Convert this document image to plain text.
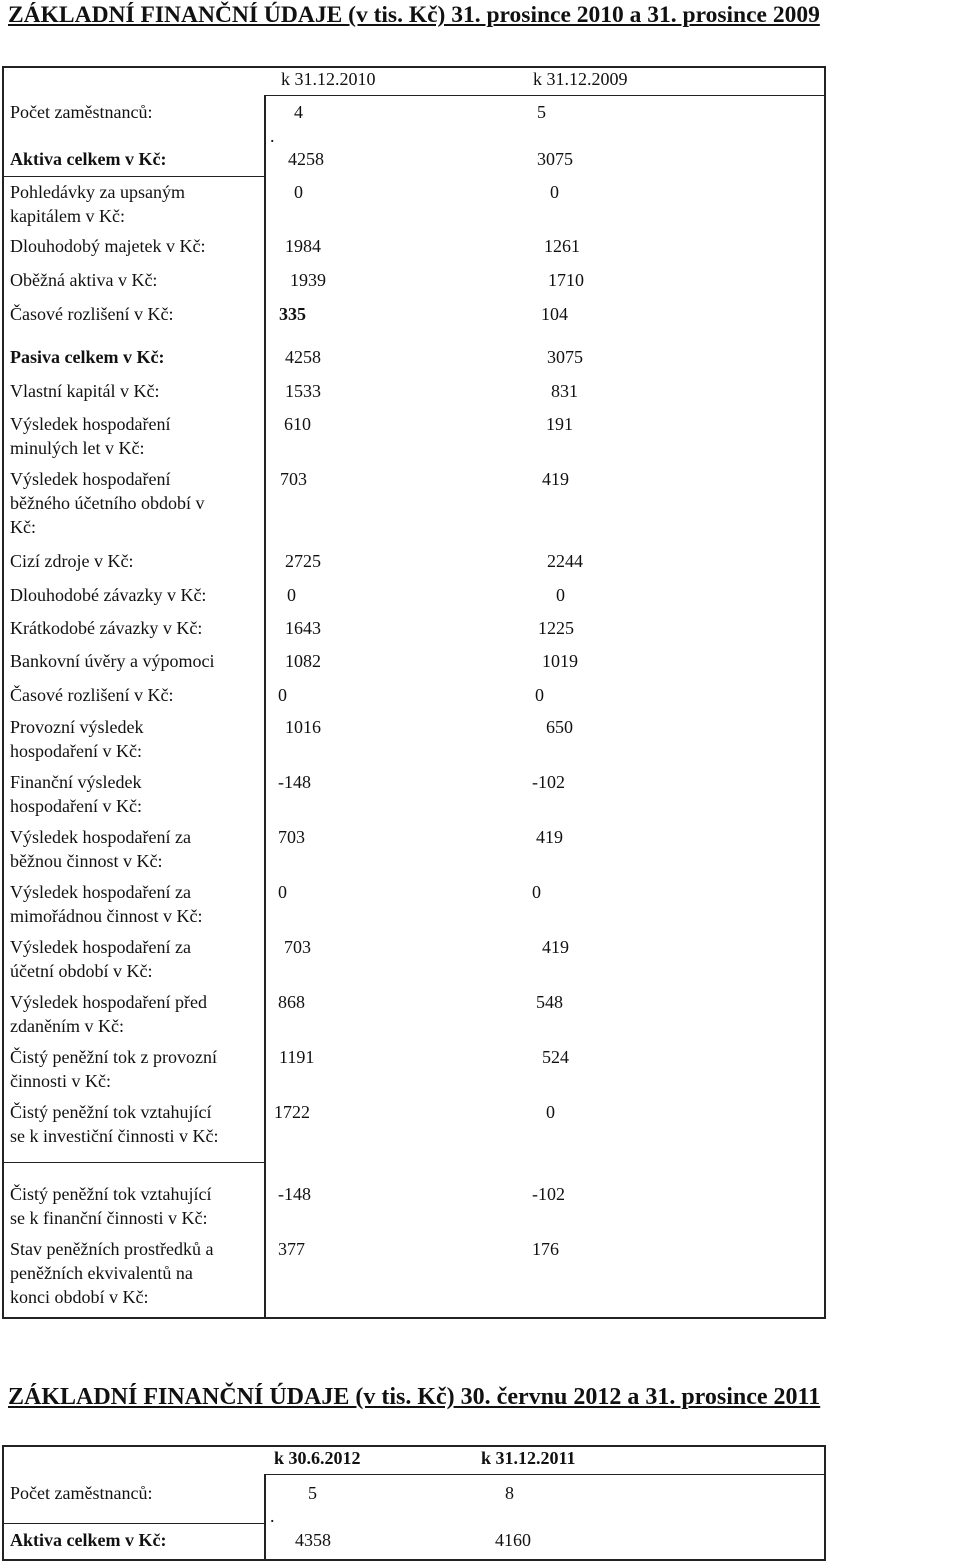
ZÁKLADNÍ FINANČNÍ ÚDAJE (v tis. Kč) 31. prosince 2010 a 31. prosince 2009
k 31.12.2010	k 31.12.2009
.
Počet zaměstnanců:	4	5
Aktiva celkem v Kč:	4258	3075
Pohledávky za upsaným
kapitálem v Kč:
0	0
Dlouhodobý majetek v Kč:	1984	1261
Oběžná aktiva v Kč:	1939	1710
Časové rozlišení v Kč:	335	104
Pasiva celkem v Kč:	4258	3075
Vlastní kapitál v Kč:	1533	831
Výsledek hospodaření
minulých let v Kč:
610	191
Výsledek hospodaření
běžného účetního období v
Kč:
703	419
Cizí zdroje v Kč:	2725	2244
Dlouhodobé závazky v Kč:	0	0
Krátkodobé závazky v Kč:	1643	1225
Bankovní úvěry a výpomoci	1082	1019
Časové rozlišení v Kč:	0	0
Provozní výsledek
hospodaření v Kč:
1016	650
Finanční výsledek
hospodaření v Kč:
-148	-102
Výsledek hospodaření za
běžnou činnost v Kč:
703	419
Výsledek hospodaření za
mimořádnou činnost v Kč:
0	0
Výsledek hospodaření za
účetní období v Kč:
703	419
Výsledek hospodaření před
zdaněním v Kč:
868	548
Čistý peněžní tok z provozní
činnosti v Kč:
1191	524
Čistý peněžní tok vztahující
se k investiční činnosti v Kč:
1722	0
Čistý peněžní tok vztahující
se k finanční činnosti v Kč:
-148	-102
Stav peněžních prostředků a
peněžních ekvivalentů na
konci období v Kč:
377	176
ZÁKLADNÍ FINANČNÍ ÚDAJE (v tis. Kč) 30. červnu 2012 a 31. prosince 2011
k 30.6.2012	k 31.12.2011
.
Počet zaměstnanců:	5	8
Aktiva celkem v Kč:	4358	4160
